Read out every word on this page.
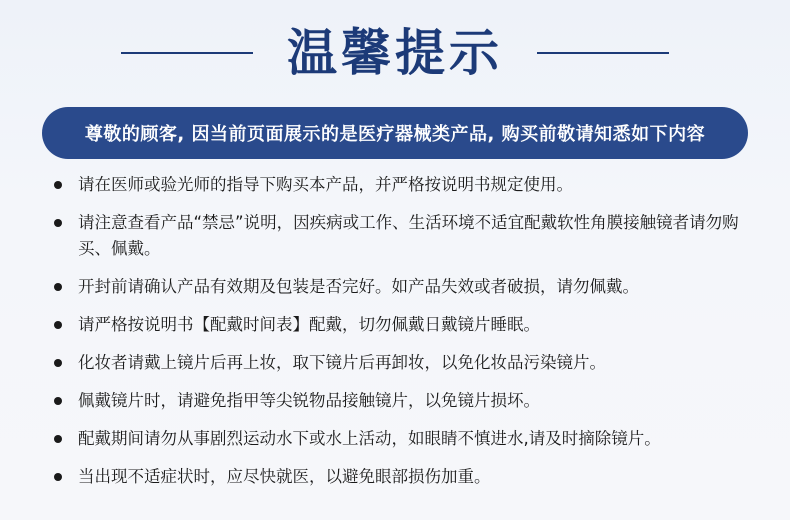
温馨提示
尊敬的顾客, 因当前页面展示的是医疗器械类产品, 购买前敬请知悉如下内容
请在医师或验光师的指导下购买本产品，并严格按说明书规定使用。
请注意查看产品“禁忌”说明，因疾病或工作、生活环境不适宜配戴软性角膜接触镜者请勿购买、佩戴。
开封前请确认产品有效期及包装是否完好。如产品失效或者破损，请勿佩戴。
请严格按说明书【配戴时间表】配戴，切勿佩戴日戴镜片睡眠。
化妆者请戴上镜片后再上妆，取下镜片后再卸妆，以免化妆品污染镜片。
佩戴镜片时，请避免指甲等尖锐物品接触镜片，以免镜片损坏。
配戴期间请勿从事剧烈运动水下或水上活动，如眼睛不慎进水,请及时摘除镜片。
当出现不适症状时，应尽快就医，以避免眼部损伤加重。
